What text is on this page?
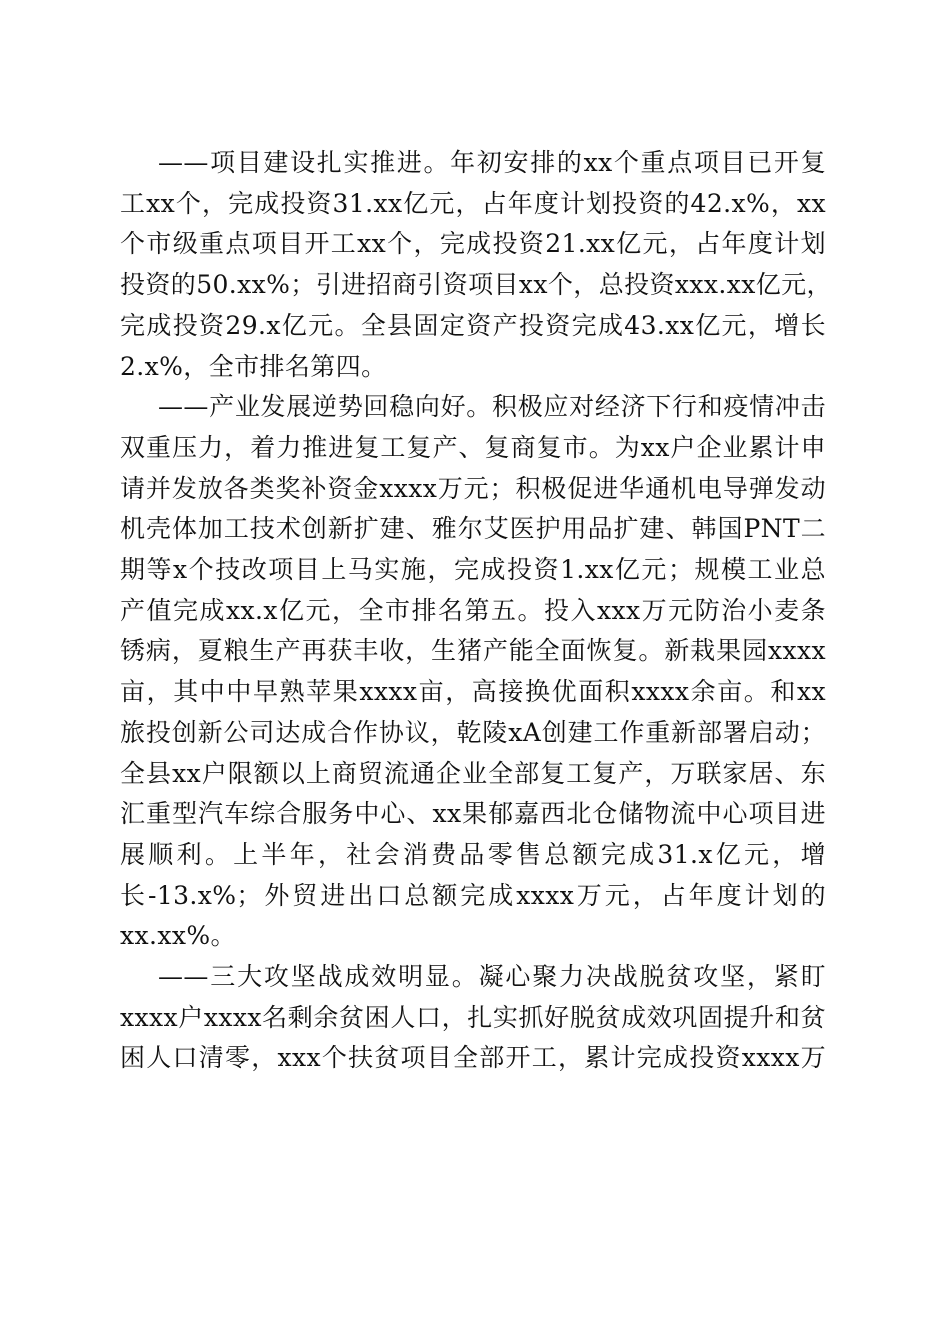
——项目建设扎实推进。年初安排的xx个重点项目已开复
工xx个，完成投资31.xx亿元，占年度计划投资的42.x%，xx
个市级重点项目开工xx个，完成投资21.xx亿元，占年度计划
投资的50.xx%；引进招商引资项目xx个，总投资xxx.xx亿元，
完成投资29.x亿元。全县固定资产投资完成43.xx亿元，增长
2.x%，全市排名第四。
——产业发展逆势回稳向好。积极应对经济下行和疫情冲击
双重压力，着力推进复工复产、复商复市。为xx户企业累计申
请并发放各类奖补资金xxxx万元；积极促进华通机电导弹发动
机壳体加工技术创新扩建、雅尔艾医护用品扩建、韩国PNT二
期等x个技改项目上马实施，完成投资1.xx亿元；规模工业总
产值完成xx.x亿元，全市排名第五。投入xxx万元防治小麦条
锈病，夏粮生产再获丰收，生猪产能全面恢复。新栽果园xxxx
亩，其中中早熟苹果xxxx亩，高接换优面积xxxx余亩。和xx
旅投创新公司达成合作协议，乾陵xA创建工作重新部署启动；
全县xx户限额以上商贸流通企业全部复工复产，万联家居、东
汇重型汽车综合服务中心、xx果郁嘉西北仓储物流中心项目进
展顺利。上半年，社会消费品零售总额完成31.x亿元，增
长-13.x%；外贸进出口总额完成xxxx万元，占年度计划的
xx.xx%。
——三大攻坚战成效明显。凝心聚力决战脱贫攻坚，紧盯
xxxx户xxxx名剩余贫困人口，扎实抓好脱贫成效巩固提升和贫
困人口清零，xxx个扶贫项目全部开工，累计完成投资xxxx万
